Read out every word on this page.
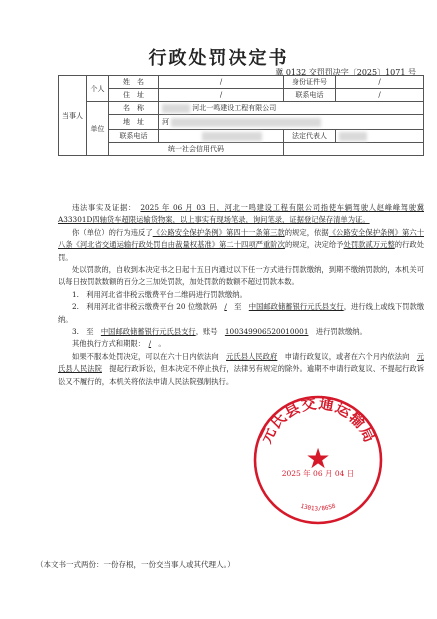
行政处罚决定书
冀 0132 交罚罚决字〔2025〕1071 号
当事人	个人	姓　名	/	身份证件号	/
		住　址	/	联系电话	/
	单位	名　称	河北一鸣建设工程有限公司		
		地　址	河		

		联系电话		法定代表人	
		统一社会信用代码			

违法事实及证据：　 2025 年 06 月 03 日，河北一鸣建设工程有限公司指使车辆驾驶人赵峰峰驾驶冀A33301D四轴货车超限运输货物案，以上事实有现场笔录，询问笔录，证据登记保存清单为证。

你（单位）的行为违反了《公路安全保护条例》第四十一条第三款的规定，依据《公路安全保护条例》第六十八条《河北省交通运输行政处罚自由裁量权基准》第二十四项严重阶次的规定，决定给予处罚款贰万元整的行政处罚。

处以罚款的，自收到本决定书之日起十五日内通过以下任一方式进行罚款缴纳，到期不缴纳罚款的，本机关可以每日按罚款数额的百分之三加处罚款，加处罚款的数额不超过罚款本数。

1.　利用河北省非税云缴费平台二维码进行罚款缴纳。

2.　利用河北省非税云缴费平台 20 位缴款码　 /　 至　 中国邮政储蓄银行元氏县支行，进行线上或线下罚款缴纳。

3.　至　 中国邮政储蓄银行元氏县支行，账号　 100349906520010001　 进行罚款缴纳。

其他执行方式和期限：　 /　。

如果不服本处罚决定，可以在六十日内依法向　 元氏县人民政府　 申请行政复议，或者在六个月内依法向　 元氏县人民法院　 提起行政诉讼，但本决定不停止执行，法律另有规定的除外。逾期不申请行政复议、不提起行政诉讼又不履行的，本机关将依法申请人民法院强制执行。

元氏县交通运输局
★
13013/8658
2025 年 06 月 04 日
（本文书一式两份：一份存根，一份交当事人或其代理人。）
